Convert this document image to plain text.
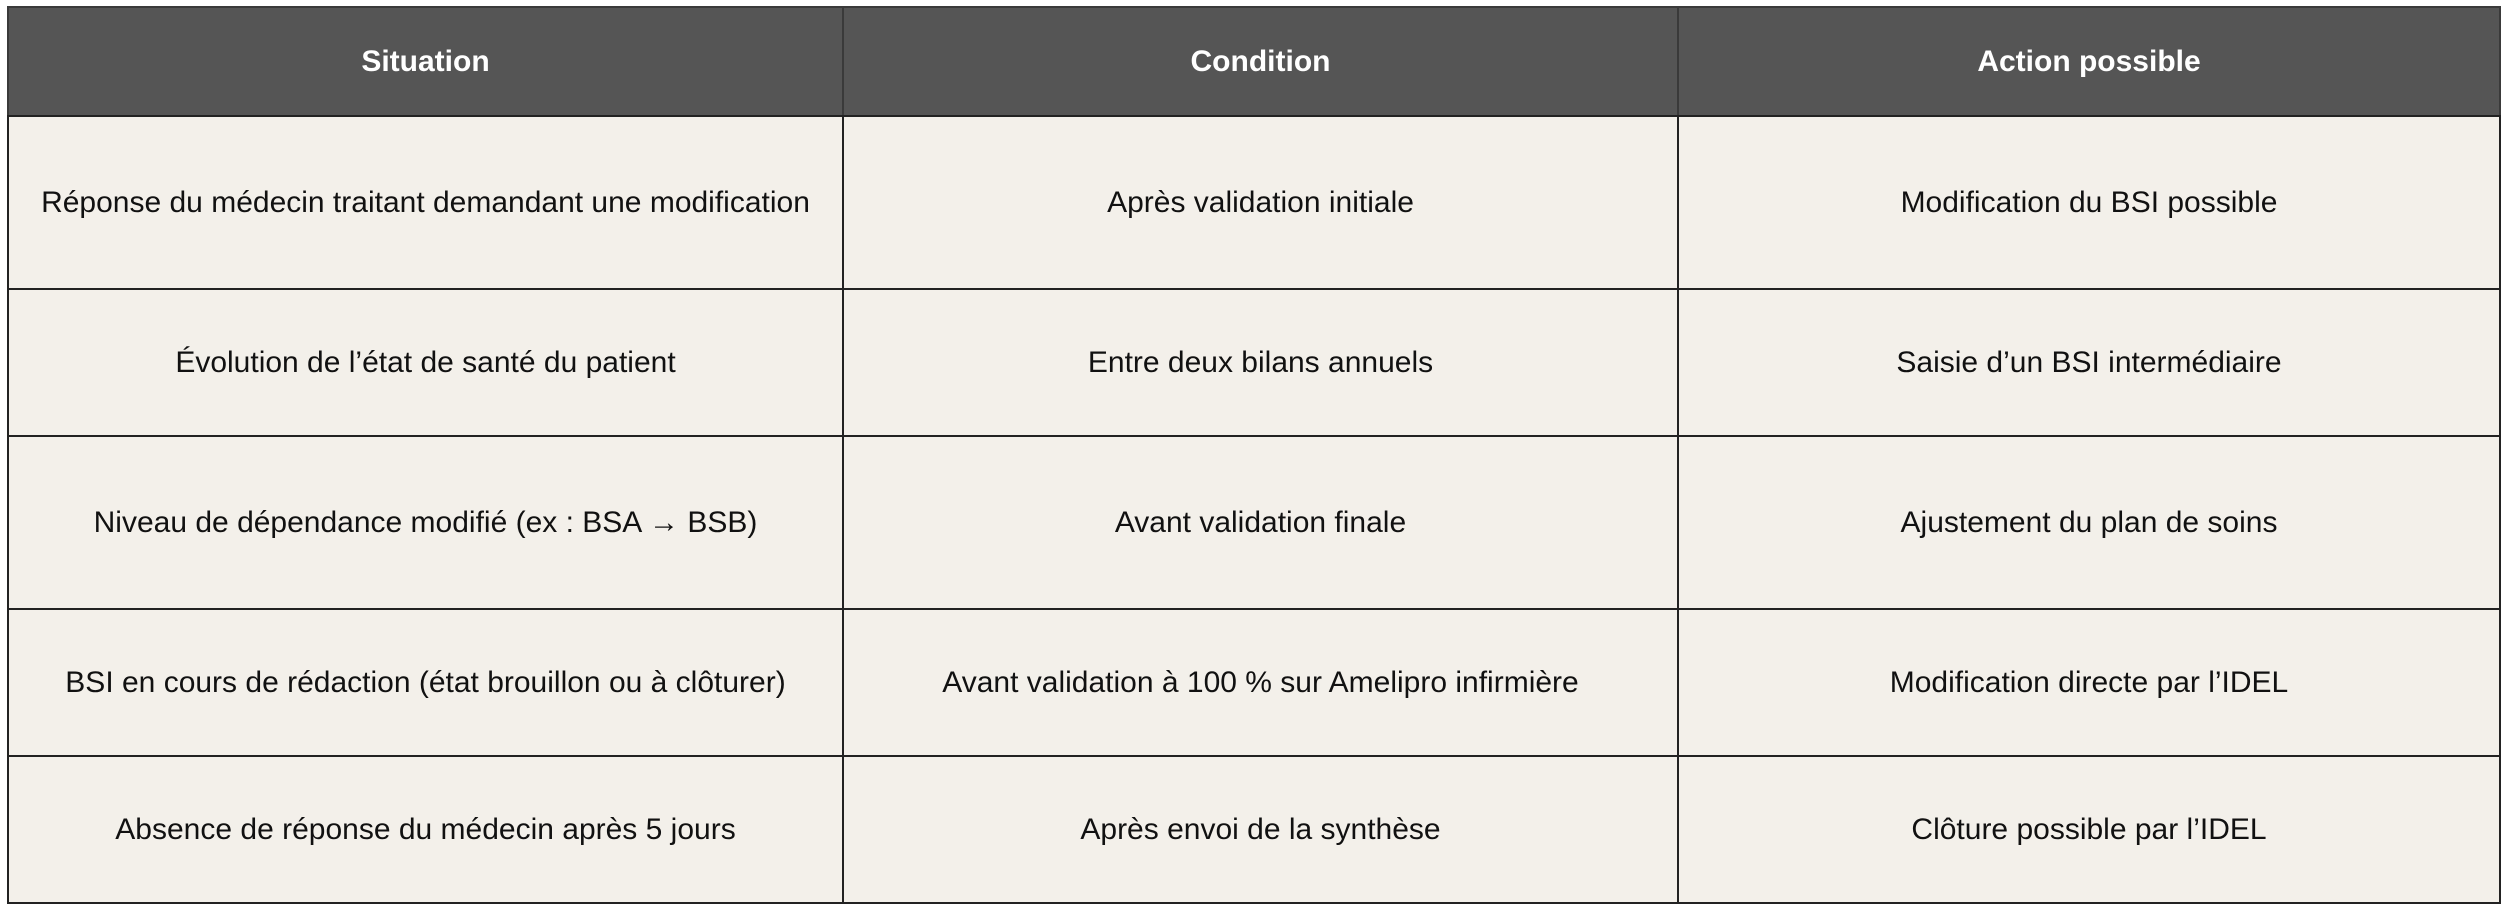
Situation	Condition	Action possible
Réponse du médecin traitant demandant une modification	Après validation initiale	Modification du BSI possible
Évolution de l’état de santé du patient	Entre deux bilans annuels	Saisie d’un BSI intermédiaire
Niveau de dépendance modifié (ex : BSA → BSB)	Avant validation finale	Ajustement du plan de soins
BSI en cours de rédaction (état brouillon ou à clôturer)	Avant validation à 100 % sur Amelipro infirmière	Modification directe par l’IDEL
Absence de réponse du médecin après 5 jours	Après envoi de la synthèse	Clôture possible par l’IDEL
